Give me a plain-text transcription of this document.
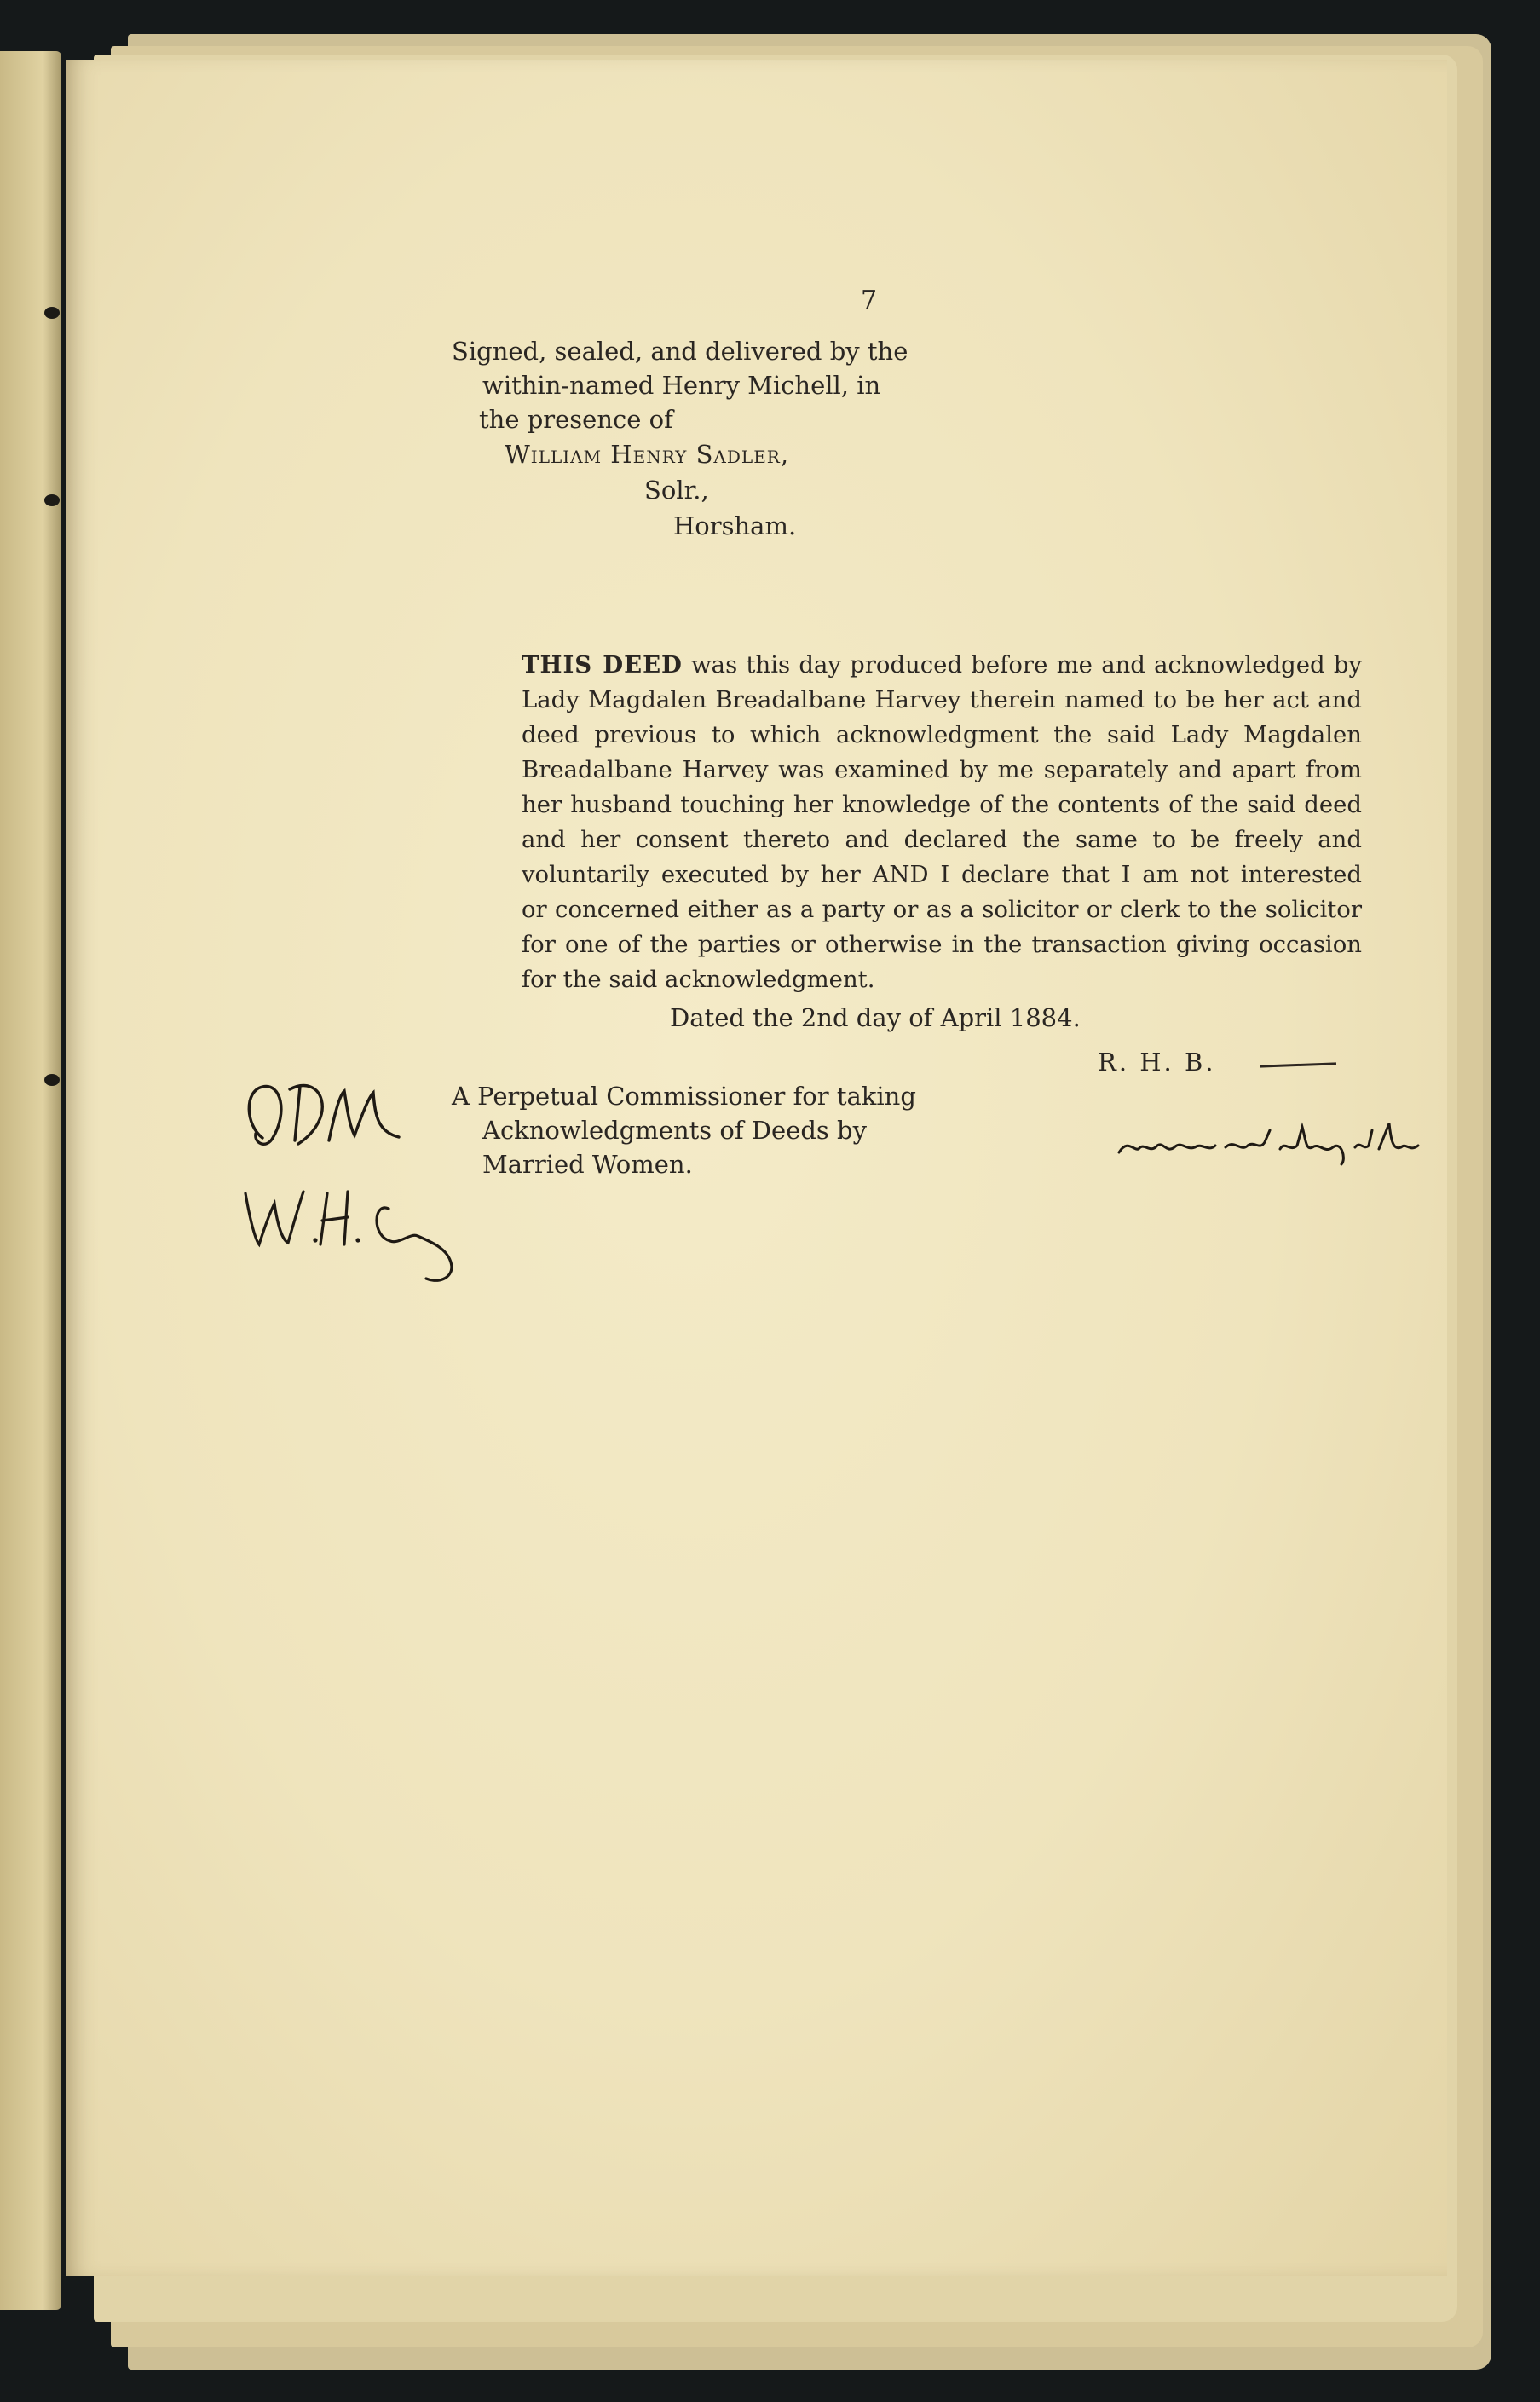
7
Signed, sealed, and delivered by the
within-named Henry Michell, in
the presence of
William Henry Sadler,
Solr.,
Horsham.
THIS DEED was this day produced before me and acknowledged by
Lady Magdalen Breadalbane Harvey therein named to be her act and
deed previous to which acknowledgment the said Lady Magdalen
Breadalbane Harvey was examined by me separately and apart from
her husband touching her knowledge of the contents of the said deed
and her consent thereto and declared the same to be freely and
voluntarily executed by her AND I declare that I am not interested
or concerned either as a party or as a solicitor or clerk to the solicitor
for one of the parties or otherwise in the transaction giving occasion
for the said acknowledgment.
Dated the 2nd day of April 1884.
R. H. B.
A Perpetual Commissioner for taking
Acknowledgments of Deeds by
Married Women.
